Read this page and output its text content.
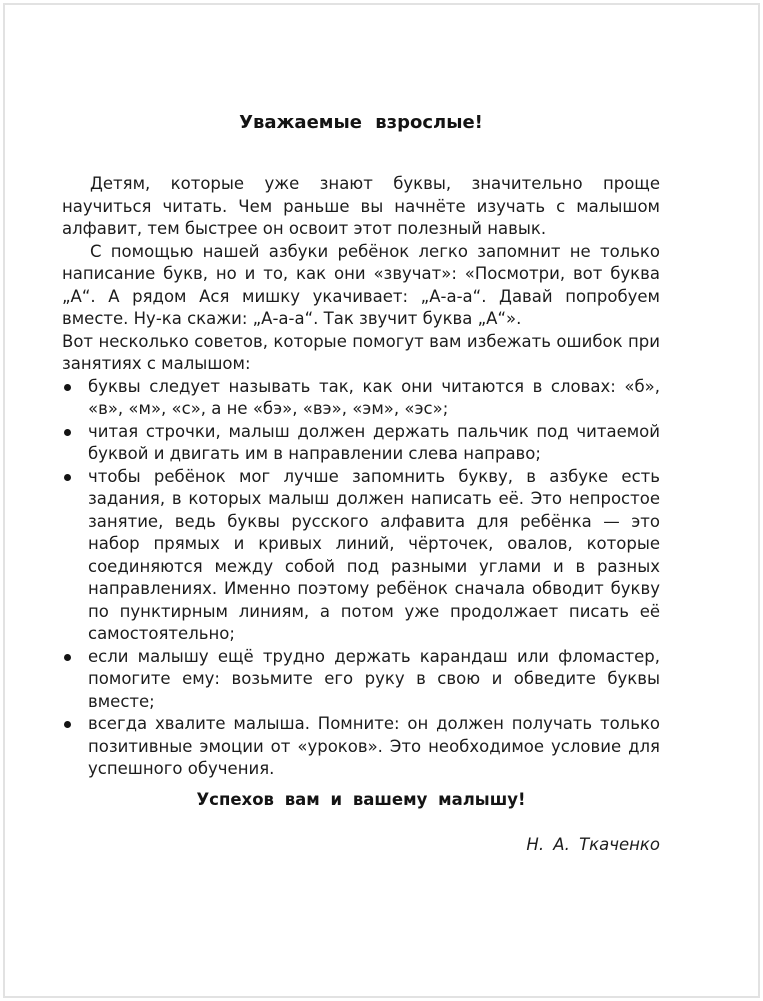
Уважаемые взрослые!

Детям, которые уже знают буквы, значительно проще научиться читать. Чем раньше вы начнёте изучать с малышом алфавит, тем быстрее он освоит этот полезный навык.

С помощью нашей азбуки ребёнок легко запомнит не только написание букв, но и то, как они «звучат»: «Посмотри, вот буква „А“. А рядом Ася мишку укачивает: „А-а-а“. Давай попробуем вместе. Ну-ка скажи: „А-а-а“. Так звучит буква „А“».

Вот несколько советов, которые помогут вам избежать ошибок при занятиях с малышом:

буквы следует называть так, как они читаются в словах: «б», «в», «м», «с», а не «бэ», «вэ», «эм», «эс»;
читая строчки, малыш должен держать пальчик под читаемой буквой и двигать им в направлении слева направо;
чтобы ребёнок мог лучше запомнить букву, в азбуке есть задания, в которых малыш должен написать её. Это непростое занятие, ведь буквы русского алфавита для ребёнка — это набор прямых и кривых линий, чёрточек, овалов, которые соединяются между собой под разными углами и в разных направлениях. Именно поэтому ребёнок сначала обводит букву по пунктирным линиям, а потом уже продолжает писать её самостоятельно;
если малышу ещё трудно держать карандаш или фломастер, помогите ему: возьмите его руку в свою и обведите буквы вместе;
всегда хвалите малыша. Помните: он должен получать только позитивные эмоции от «уроков». Это необходимое условие для успешного обучения.

Успехов вам и вашему малышу!

Н. А. Ткаченко
